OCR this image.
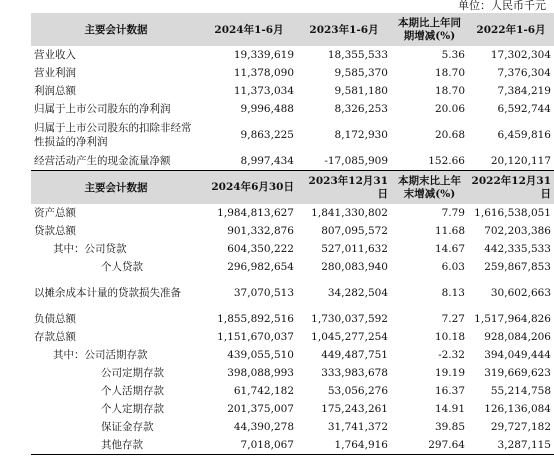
单位：人民币千元
主要会计数据	2024年1-6月	2023年1-6月	本期比上年同期增减(%)	2022年1-6月
营业收入	19,339,619	18,355,533	5.36	17,302,304
营业利润	11,378,090	9,585,370	18.70	7,376,304
利润总额	11,373,034	9,581,180	18.70	7,384,219
归属于上市公司股东的净利润	9,996,488	8,326,253	20.06	6,592,744
归属于上市公司股东的扣除非经常性损益的净利润	9,863,225	8,172,930	20.68	6,459,816
经营活动产生的现金流量净额	8,997,434	-17,085,909	152.66	20,120,117
主要会计数据	2024年6月30日	2023年12月31日	本期末比上年末增减(%)	2022年12月31日
资产总额	1,984,813,627	1,841,330,802	7.79	1,616,538,051
贷款总额	901,332,876	807,095,572	11.68	702,203,386
其中：公司贷款	604,350,222	527,011,632	14.67	442,335,533
个人贷款	296,982,654	280,083,940	6.03	259,867,853
以摊余成本计量的贷款损失准备	37,070,513	34,282,504	8.13	30,602,663
负债总额	1,855,892,516	1,730,037,592	7.27	1,517,964,826
存款总额	1,151,670,037	1,045,277,254	10.18	928,084,206
其中：公司活期存款	439,055,510	449,487,751	-2.32	394,049,444
公司定期存款	398,088,993	333,983,678	19.19	319,669,623
个人活期存款	61,742,182	53,056,276	16.37	55,214,758
个人定期存款	201,375,007	175,243,261	14.91	126,136,084
保证金存款	44,390,278	31,741,372	39.85	29,727,182
其他存款	7,018,067	1,764,916	297.64	3,287,115
